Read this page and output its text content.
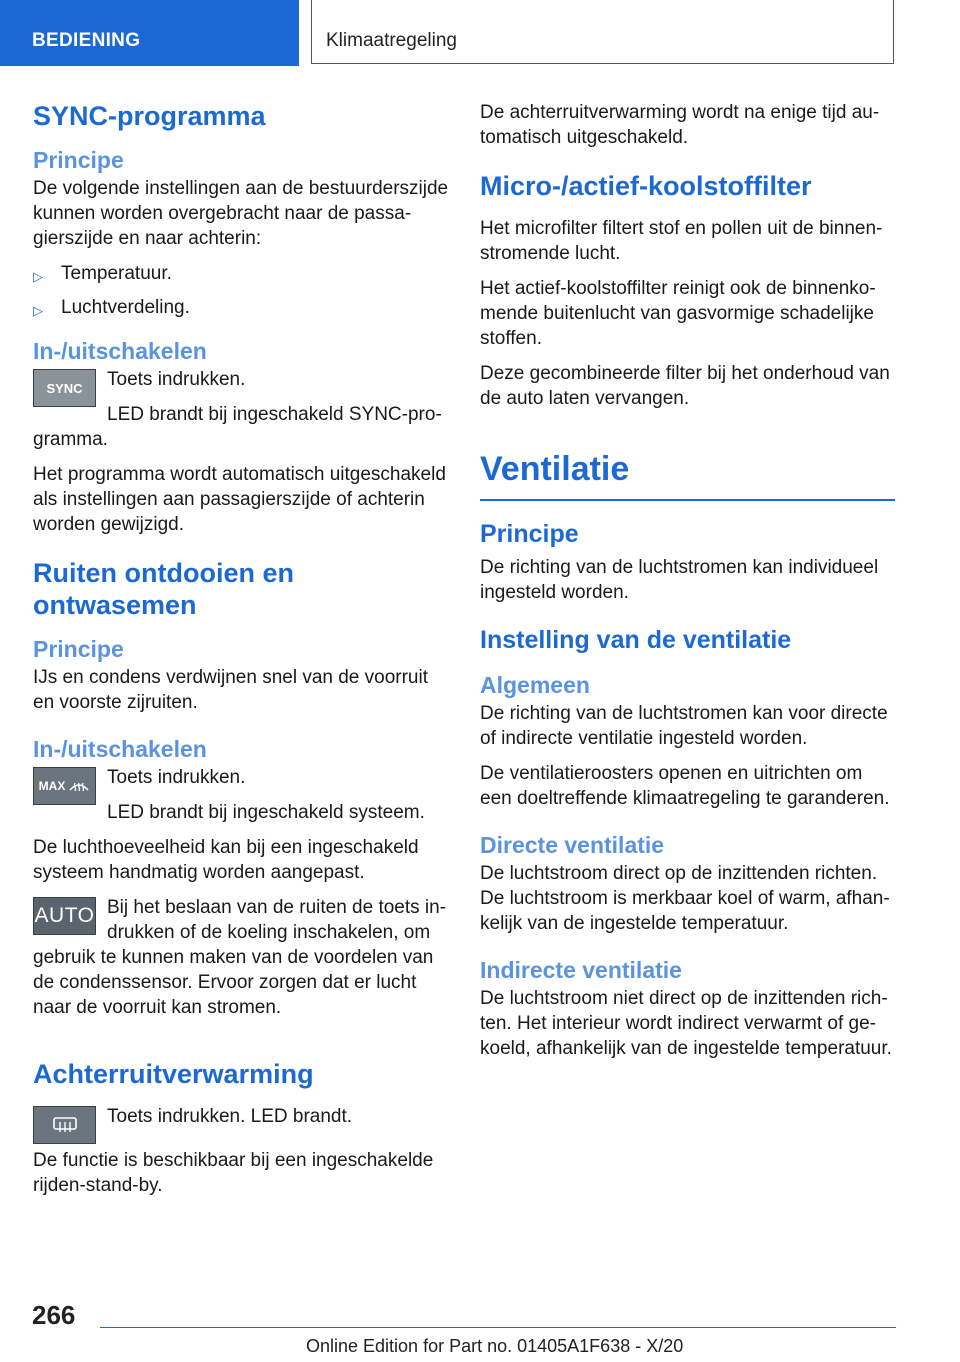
BEDIENING	Klimaatregeling
SYNC-programma
Principe

De volgende instellingen aan de bestuurderszijde kunnen worden overgebracht naar de passagierszijde en naar achterin:

▷ Temperatuur.
▷ Luchtverdeling.
In-/uitschakelen
SYNC	Toets indrukken.

LED brandt bij ingeschakeld SYNC-programma.

Het programma wordt automatisch uitgeschakeld als instellingen aan passagierszijde of achterin worden gewijzigd.

Ruiten ontdooien en ontwasemen
Principe

IJs en condens verdwijnen snel van de voorruit en voorste zijruiten.

In-/uitschakelen
MAX	Toets indrukken.

LED brandt bij ingeschakeld systeem.

De luchthoeveelheid kan bij een ingeschakeld systeem handmatig worden aangepast.

AUTO Bij het beslaan van de ruiten de toets indrukken of de koeling inschakelen, om gebruik te kunnen maken van de voordelen van de condenssensor. Ervoor zorgen dat er lucht naar de voorruit kan stromen.

Achterruitverwarming

Toets indrukken. LED brandt.

De functie is beschikbaar bij een ingeschakelde rijden-stand-by.

De achterruitverwarming wordt na enige tijd automatisch uitgeschakeld.

Micro-/actief-koolstoffilter

Het microfilter filtert stof en pollen uit de binnenstromende lucht.

Het actief-koolstoffilter reinigt ook de binnenkomende buitenlucht van gasvormige schadelijke stoffen.

Deze gecombineerde filter bij het onderhoud van de auto laten vervangen.

Ventilatie
Principe

De richting van de luchtstromen kan individueel ingesteld worden.

Instelling van de ventilatie
Algemeen

De richting van de luchtstromen kan voor directe of indirecte ventilatie ingesteld worden.

De ventilatieroosters openen en uitrichten om een doeltreffende klimaatregeling te garanderen.

Directe ventilatie

De luchtstroom direct op de inzittenden richten. De luchtstroom is merkbaar koel of warm, afhankelijk van de ingestelde temperatuur.

Indirecte ventilatie

De luchtstroom niet direct op de inzittenden richten. Het interieur wordt indirect verwarmt of gekoeld, afhankelijk van de ingestelde temperatuur.

266
Online Edition for Part no. 01405A1F638 - X/20
